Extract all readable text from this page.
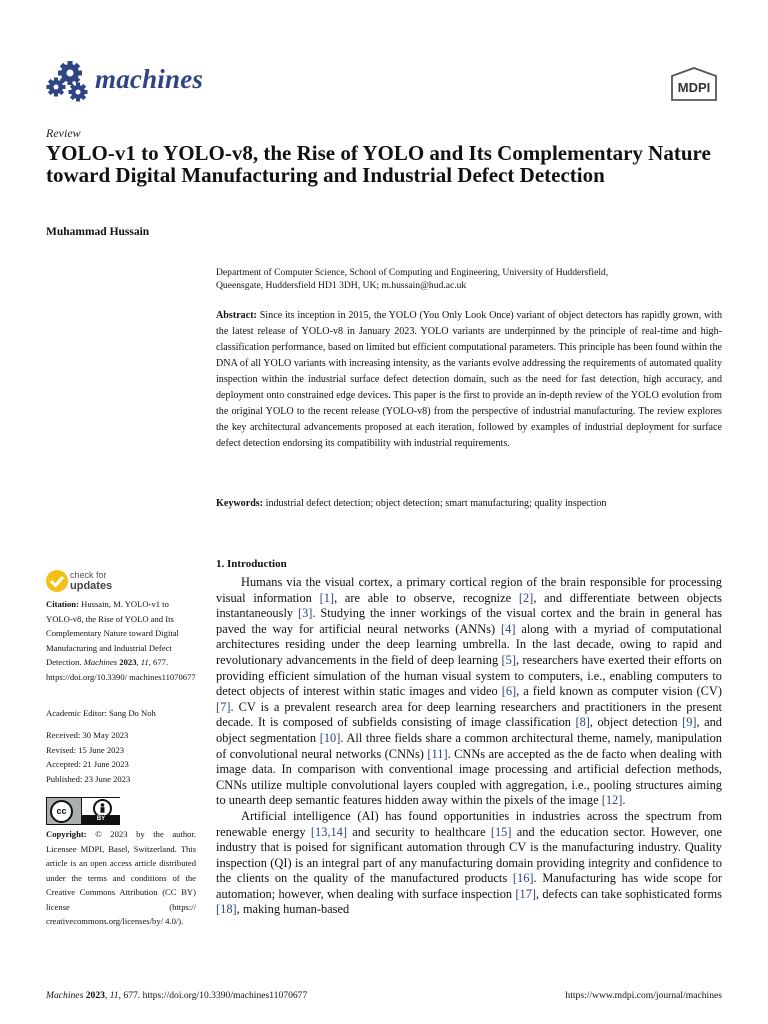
machines	MDPI
Review
YOLO-v1 to YOLO-v8, the Rise of YOLO and Its Complementary Nature toward Digital Manufacturing and Industrial Defect Detection
Muhammad Hussain
Department of Computer Science, School of Computing and Engineering, University of Huddersfield,
Queensgate, Huddersfield HD1 3DH, UK; m.hussain@hud.ac.uk
Abstract: Since its inception in 2015, the YOLO (You Only Look Once) variant of object detectors has rapidly grown, with the latest release of YOLO-v8 in January 2023. YOLO variants are underpinned by the principle of real-time and high-classification performance, based on limited but efficient computational parameters. This principle has been found within the DNA of all YOLO variants with increasing intensity, as the variants evolve addressing the requirements of automated quality inspection within the industrial surface defect detection domain, such as the need for fast detection, high accuracy, and deployment onto constrained edge devices. This paper is the first to provide an in-depth review of the YOLO evolution from the original YOLO to the recent release (YOLO-v8) from the perspective of industrial manufacturing. The review explores the key architectural advancements proposed at each iteration, followed by examples of industrial deployment for surface defect detection endorsing its compatibility with industrial requirements.
Keywords: industrial defect detection; object detection; smart manufacturing; quality inspection
1. Introduction

Humans via the visual cortex, a primary cortical region of the brain responsible for processing visual information [1], are able to observe, recognize [2], and differentiate between objects instantaneously [3]. Studying the inner workings of the visual cortex and the brain in general has paved the way for artificial neural networks (ANNs) [4] along with a myriad of computational architectures residing under the deep learning umbrella. In the last decade, owing to rapid and revolutionary advancements in the field of deep learning [5], researchers have exerted their efforts on providing efficient simulation of the human visual system to computers, i.e., enabling computers to detect objects of interest within static images and video [6], a field known as computer vision (CV) [7]. CV is a prevalent research area for deep learning researchers and practitioners in the present decade. It is composed of subfields consisting of image classification [8], object detection [9], and object segmentation [10]. All three fields share a common architectural theme, namely, manipulation of convolutional neural networks (CNNs) [11]. CNNs are accepted as the de facto when dealing with image data. In comparison with conventional image processing and artificial defection methods, CNNs utilize multiple convolutional layers coupled with aggregation, i.e., pooling structures aiming to unearth deep semantic features hidden away within the pixels of the image [12].

Artificial intelligence (AI) has found opportunities in industries across the spectrum from renewable energy [13,14] and security to healthcare [15] and the education sector. However, one industry that is poised for significant automation through CV is the manufacturing industry. Quality inspection (QI) is an integral part of any manufacturing domain providing integrity and confidence to the clients on the quality of the manufactured products [16]. Manufacturing has wide scope for automation; however, when dealing with surface inspection [17], defects can take sophisticated forms [18], making human-based

check for
updates
Citation: Hussain, M. YOLO-v1 to YOLO-v8, the Rise of YOLO and Its Complementary Nature toward Digital Manufacturing and Industrial Defect Detection. Machines 2023, 11, 677. https://doi.org/10.3390/ machines11070677
Academic Editor: Sang Do Noh
Received: 30 May 2023
Revised: 15 June 2023
Accepted: 21 June 2023
Published: 23 June 2023
cc
BY
Copyright: © 2023 by the author. Licensee MDPI, Basel, Switzerland. This article is an open access article distributed under the terms and conditions of the Creative Commons Attribution (CC BY) license (https:// creativecommons.org/licenses/by/ 4.0/).
Machines 2023, 11, 677. https://doi.org/10.3390/machines11070677	https://www.mdpi.com/journal/machines
